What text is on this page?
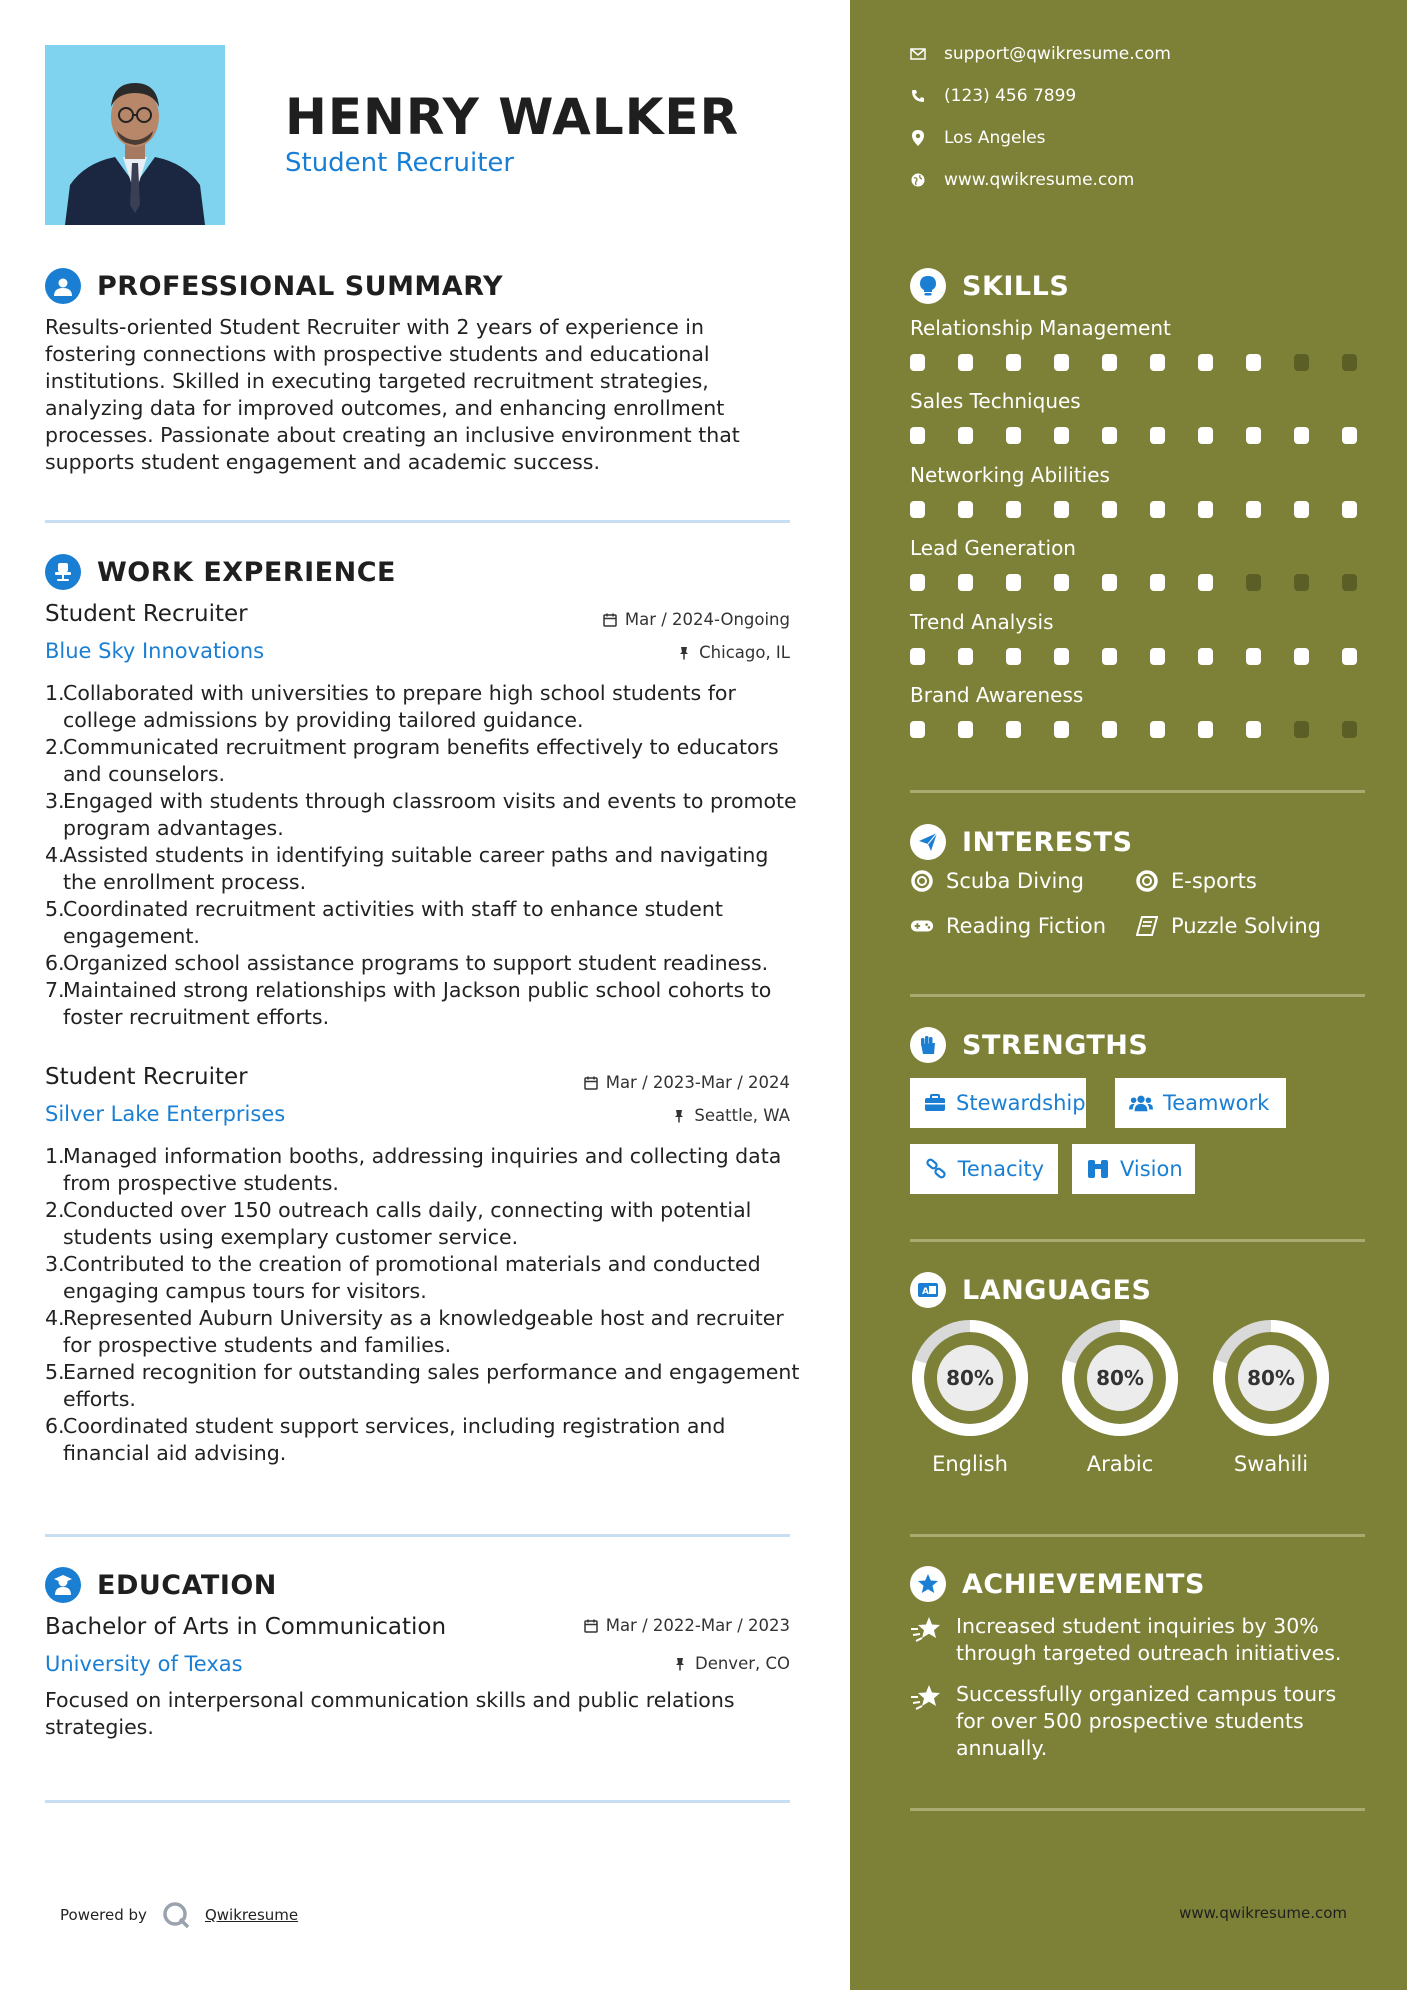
HENRY WALKER
Student Recruiter
PROFESSIONAL SUMMARY
Results-oriented Student Recruiter with 2 years of experience in fostering connections with prospective students and educational institutions. Skilled in executing targeted recruitment strategies, analyzing data for improved outcomes, and enhancing enrollment processes. Passionate about creating an inclusive environment that supports student engagement and academic success.
WORK EXPERIENCE
Student Recruiter
Blue Sky Innovations
Mar / 2024-Ongoing
Chicago, IL
1.
Collaborated with universities to prepare high school students for college admissions by providing tailored guidance.
2.
Communicated recruitment program benefits effectively to educators and counselors.
3.
Engaged with students through classroom visits and events to promote program advantages.
4.
Assisted students in identifying suitable career paths and navigating the enrollment process.
5.
Coordinated recruitment activities with staff to enhance student engagement.
6.
Organized school assistance programs to support student readiness.
7.
Maintained strong relationships with Jackson public school cohorts to foster recruitment efforts.
Student Recruiter
Silver Lake Enterprises
Mar / 2023-Mar / 2024
Seattle, WA
1.
Managed information booths, addressing inquiries and collecting data from prospective students.
2.
Conducted over 150 outreach calls daily, connecting with potential students using exemplary customer service.
3.
Contributed to the creation of promotional materials and conducted engaging campus tours for visitors.
4.
Represented Auburn University as a knowledgeable host and recruiter for prospective students and families.
5.
Earned recognition for outstanding sales performance and engagement efforts.
6.
Coordinated student support services, including registration and financial aid advising.
EDUCATION
Bachelor of Arts in Communication
University of Texas
Mar / 2022-Mar / 2023
Denver, CO
Focused on interpersonal communication skills and public relations strategies.
Powered by	Qwikresume
support@qwikresume.com
(123) 456 7899
Los Angeles
www.qwikresume.com
SKILLS
Relationship Management
Sales Techniques
Networking Abilities
Lead Generation
Trend Analysis
Brand Awareness
INTERESTS
Scuba Diving	E-sports
Reading Fiction	Puzzle Solving
STRENGTHS
Stewardship	Teamwork
Tenacity	Vision
A LANGUAGES
80%	80%	80%
English	Arabic	Swahili
ACHIEVEMENTS
Increased student inquiries by 30% through targeted outreach initiatives.
Successfully organized campus tours for over 500 prospective students annually.
www.qwikresume.com
